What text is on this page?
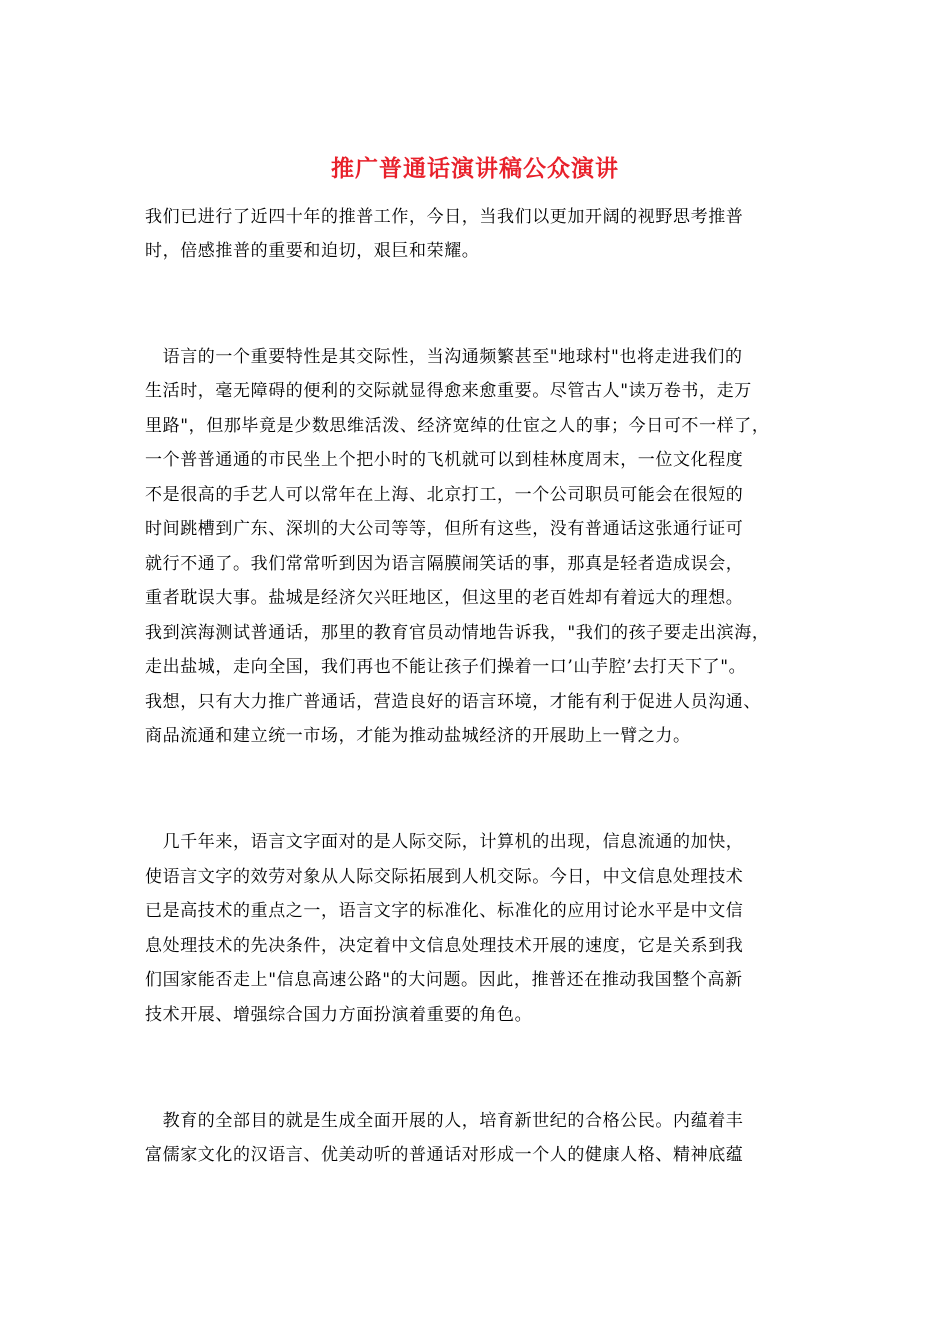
推广普通话演讲稿公众演讲
我们已进行了近四十年的推普工作，今日，当我们以更加开阔的视野思考推普
时，倍感推普的重要和迫切，艰巨和荣耀。
　语言的一个重要特性是其交际性，当沟通频繁甚至"地球村"也将走进我们的
生活时，毫无障碍的便利的交际就显得愈来愈重要。尽管古人"读万卷书，走万
里路"，但那毕竟是少数思维活泼、经济宽绰的仕宦之人的事；今日可不一样了，
一个普普通通的市民坐上个把小时的飞机就可以到桂林度周末，一位文化程度
不是很高的手艺人可以常年在上海、北京打工，一个公司职员可能会在很短的
时间跳槽到广东、深圳的大公司等等，但所有这些，没有普通话这张通行证可
就行不通了。我们常常听到因为语言隔膜闹笑话的事，那真是轻者造成误会，
重者耽误大事。盐城是经济欠兴旺地区，但这里的老百姓却有着远大的理想。
我到滨海测试普通话，那里的教育官员动情地告诉我，"我们的孩子要走出滨海，
走出盐城，走向全国，我们再也不能让孩子们操着一口’山芋腔’去打天下了"。
我想，只有大力推广普通话，营造良好的语言环境，才能有利于促进人员沟通、
商品流通和建立统一市场，才能为推动盐城经济的开展助上一臂之力。
　几千年来，语言文字面对的是人际交际，计算机的出现，信息流通的加快，
使语言文字的效劳对象从人际交际拓展到人机交际。今日，中文信息处理技术
已是高技术的重点之一，语言文字的标准化、标准化的应用讨论水平是中文信
息处理技术的先决条件，决定着中文信息处理技术开展的速度，它是关系到我
们国家能否走上"信息高速公路"的大问题。因此，推普还在推动我国整个高新
技术开展、增强综合国力方面扮演着重要的角色。
　教育的全部目的就是生成全面开展的人，培育新世纪的合格公民。内蕴着丰
富儒家文化的汉语言、优美动听的普通话对形成一个人的健康人格、精神底蕴
